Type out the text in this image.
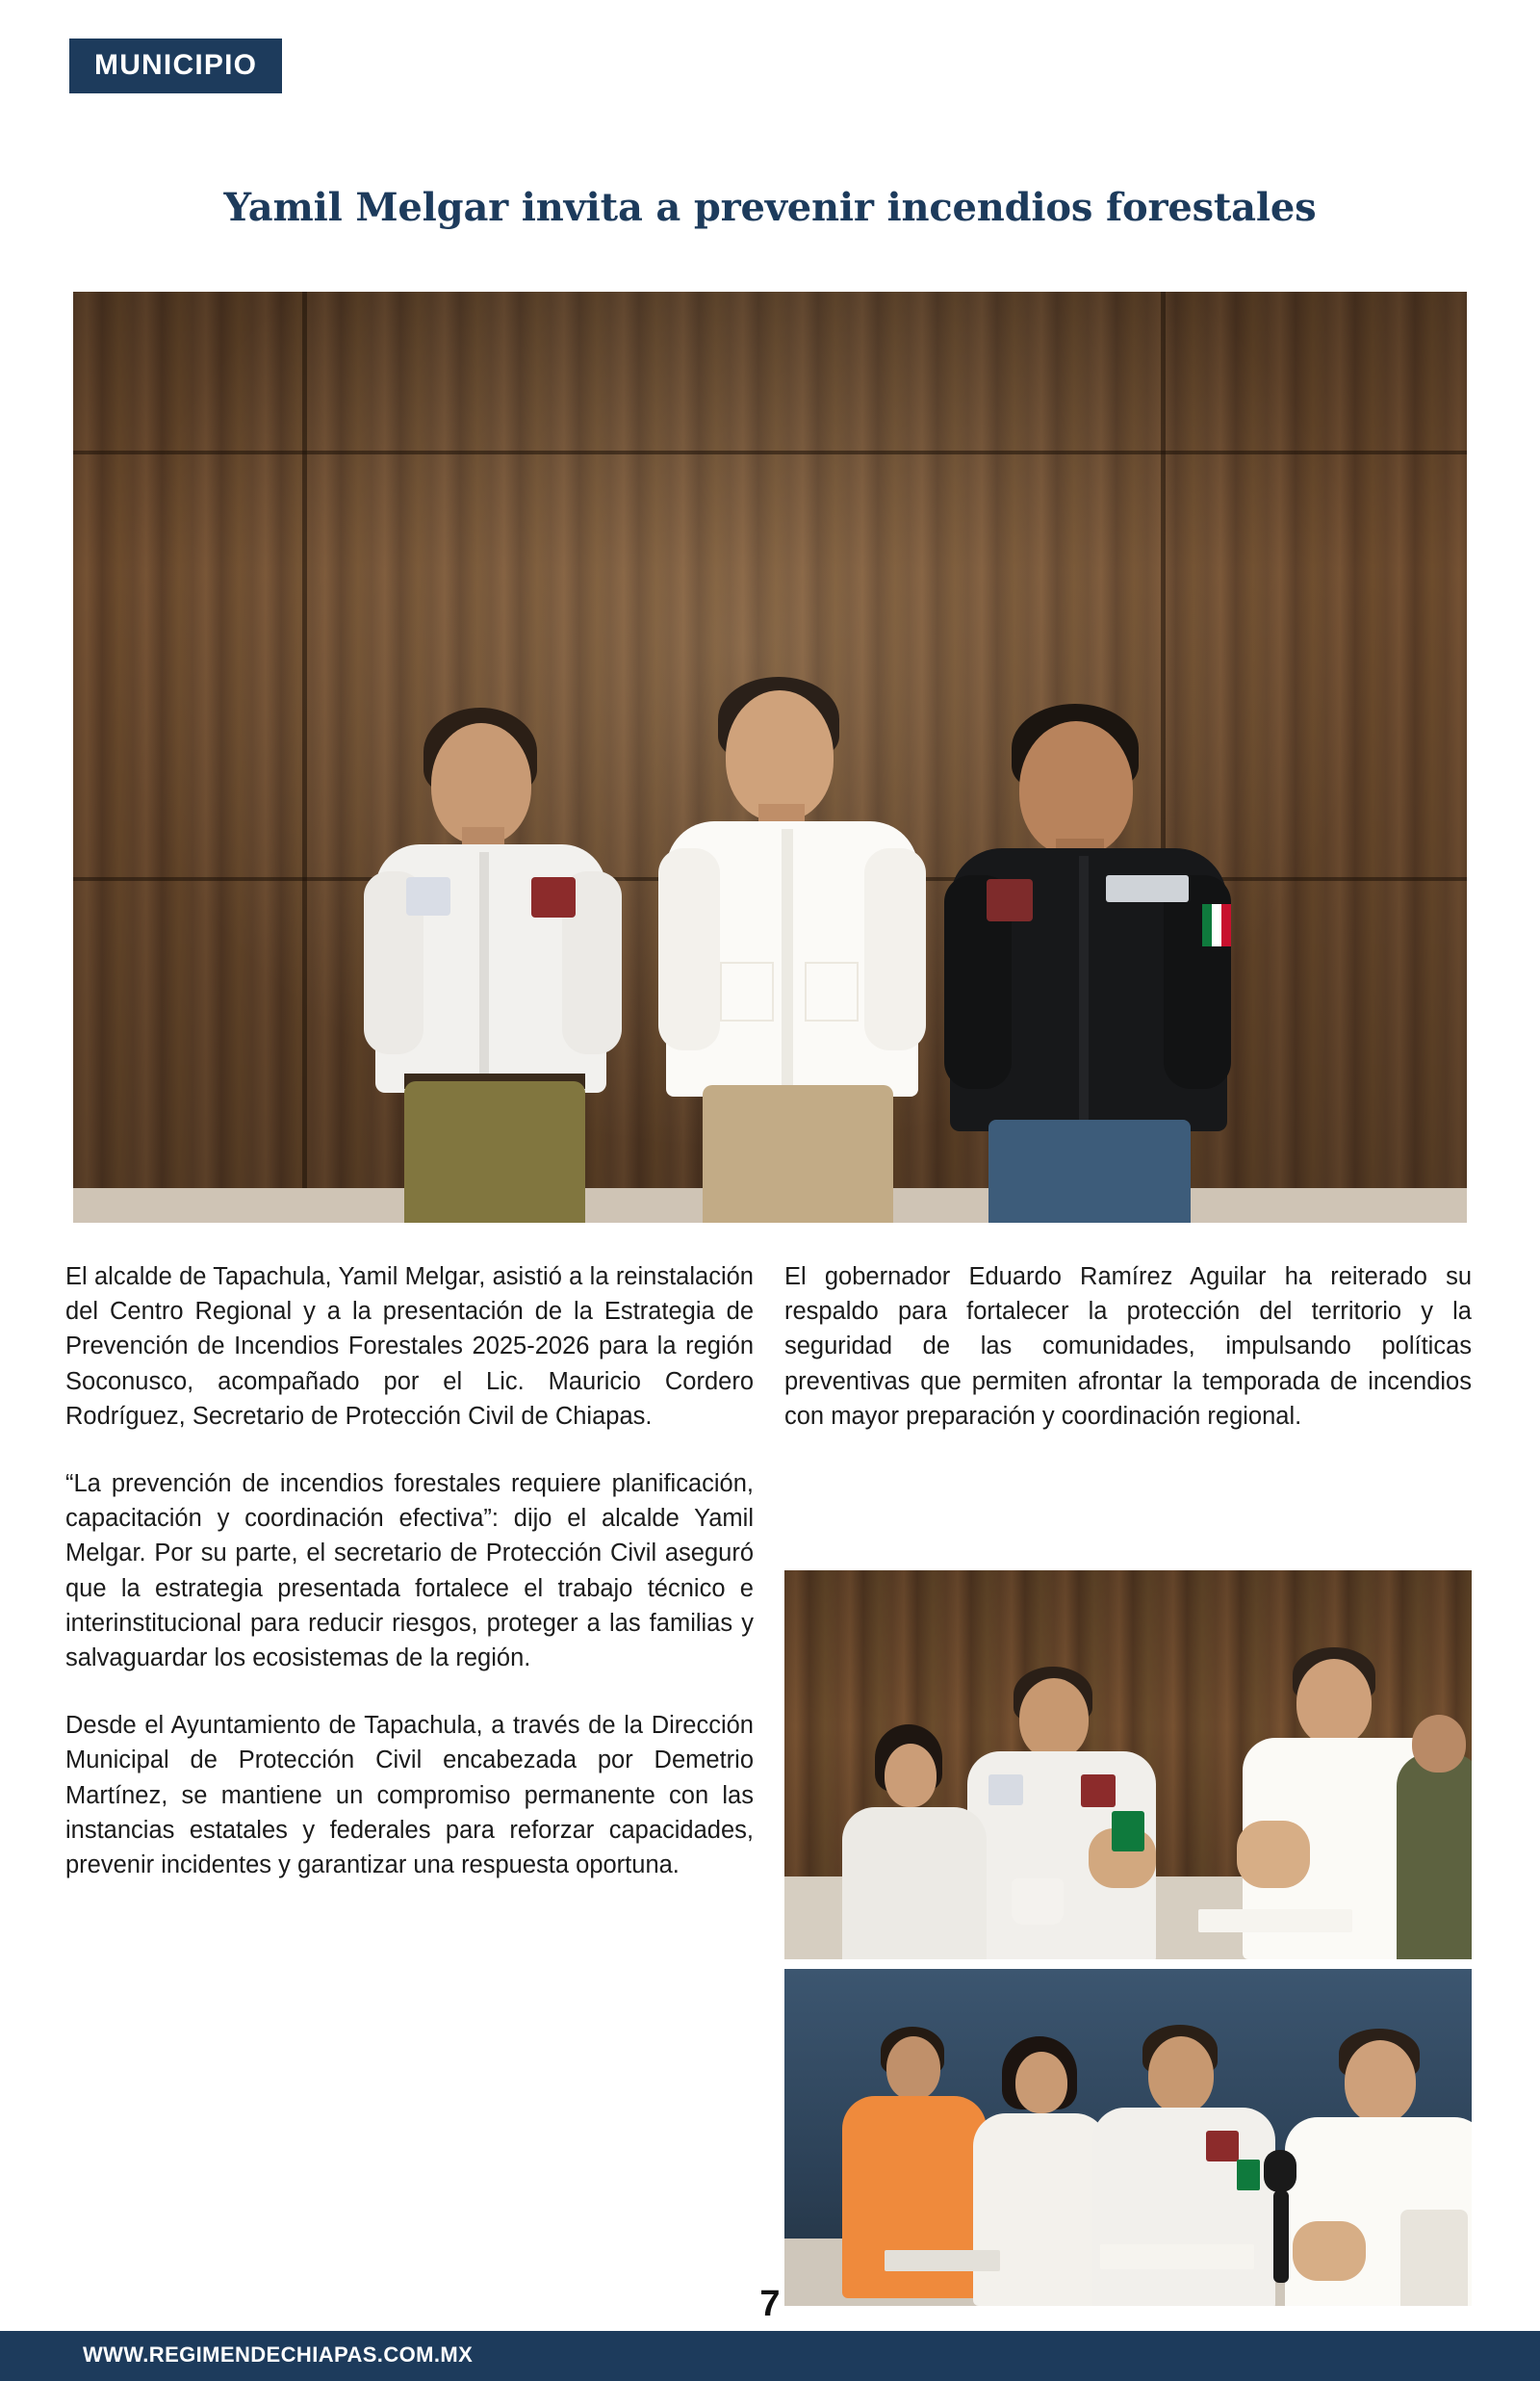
MUNICIPIO
Yamil Melgar invita a prevenir incendios forestales

El alcalde de Tapachula, Yamil Melgar, asistió a la reinstalación del Centro Regional y a la presentación de la Estrategia de Prevención de Incendios Forestales 2025-2026 para la región Soconusco, acompañado por el Lic. Mauricio Cordero Rodríguez, Secretario de Protección Civil de Chiapas.

“La prevención de incendios forestales requiere planificación, capacitación y coordinación efectiva”: dijo el alcalde Yamil Melgar. Por su parte, el secretario de Protección Civil aseguró que la estrategia presentada fortalece el trabajo técnico e interinstitucional para reducir riesgos, proteger a las familias y salvaguardar los ecosistemas de la región.

Desde el Ayuntamiento de Tapachula, a través de la Dirección Municipal de Protección Civil encabezada por Demetrio Martínez, se mantiene un compromiso permanente con las instancias estatales y federales para reforzar capacidades, prevenir incidentes y garantizar una respuesta oportuna.

El gobernador Eduardo Ramírez Aguilar ha reiterado su respaldo para fortalecer la protección del territorio y la seguridad de las comunidades, impulsando políticas preventivas que permiten afrontar la temporada de incendios con mayor preparación y coordinación regional.

7
WWW.REGIMENDECHIAPAS.COM.MX
